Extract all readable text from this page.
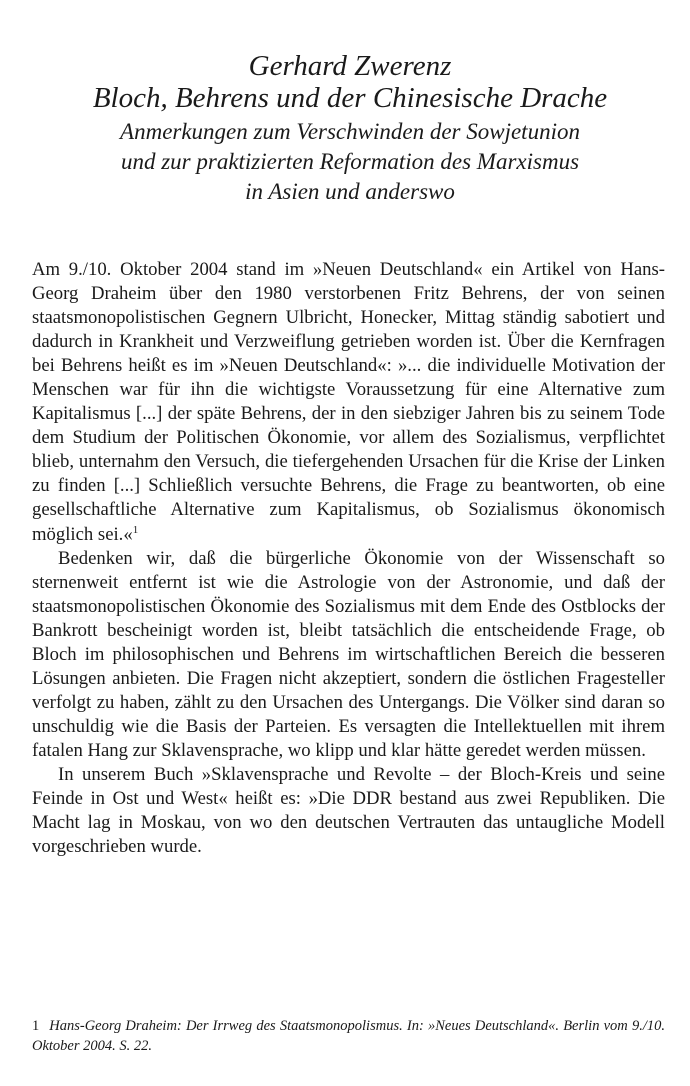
Gerhard Zwerenz
Bloch, Behrens und der Chinesische Drache
Anmerkungen zum Verschwinden der Sowjetunion
und zur praktizierten Reformation des Marxismus
in Asien und anderswo

Am 9./10. Oktober 2004 stand im »Neuen Deutschland« ein Artikel von Hans-Georg Draheim über den 1980 verstorbenen Fritz Behrens, der von seinen staatsmonopolistischen Gegnern Ulbricht, Honecker, Mittag ständig sabotiert und dadurch in Krankheit und Verzweiflung getrieben worden ist. Über die Kernfragen bei Behrens heißt es im »Neuen Deutschland«: »... die individuelle Motivation der Menschen war für ihn die wichtigste Voraussetzung für eine Alternative zum Kapitalismus [...] der späte Behrens, der in den siebziger Jahren bis zu seinem Tode dem Studium der Politischen Ökonomie, vor allem des Sozialismus, verpflichtet blieb, unternahm den Versuch, die tiefergehenden Ursachen für die Krise der Linken zu finden [...] Schließlich versuchte Behrens, die Frage zu beantworten, ob eine gesellschaftliche Alternative zum Kapitalismus, ob Sozialismus ökonomisch möglich sei.«$^1$

Bedenken wir, daß die bürgerliche Ökonomie von der Wissenschaft so sternenweit entfernt ist wie die Astrologie von der Astronomie, und daß der staatsmonopolistischen Ökonomie des Sozialismus mit dem Ende des Ostblocks der Bankrott bescheinigt worden ist, bleibt tatsächlich die entscheidende Frage, ob Bloch im philosophischen und Behrens im wirtschaftlichen Bereich die besseren Lösungen anbieten. Die Fragen nicht akzeptiert, sondern die östlichen Fragesteller verfolgt zu haben, zählt zu den Ursachen des Untergangs. Die Völker sind daran so unschuldig wie die Basis der Parteien. Es versagten die Intellektuellen mit ihrem fatalen Hang zur Sklavensprache, wo klipp und klar hätte geredet werden müssen.

In unserem Buch »Sklavensprache und Revolte – der Bloch-Kreis und seine Feinde in Ost und West« heißt es: »Die DDR bestand aus zwei Republiken. Die Macht lag in Moskau, von wo den deutschen Vertrauten das untaugliche Modell vorgeschrieben wurde.

1 Hans-Georg Draheim: Der Irrweg des Staatsmonopolismus. In: »Neues Deutschland«. Berlin vom 9./10. Oktober 2004. S. 22.
